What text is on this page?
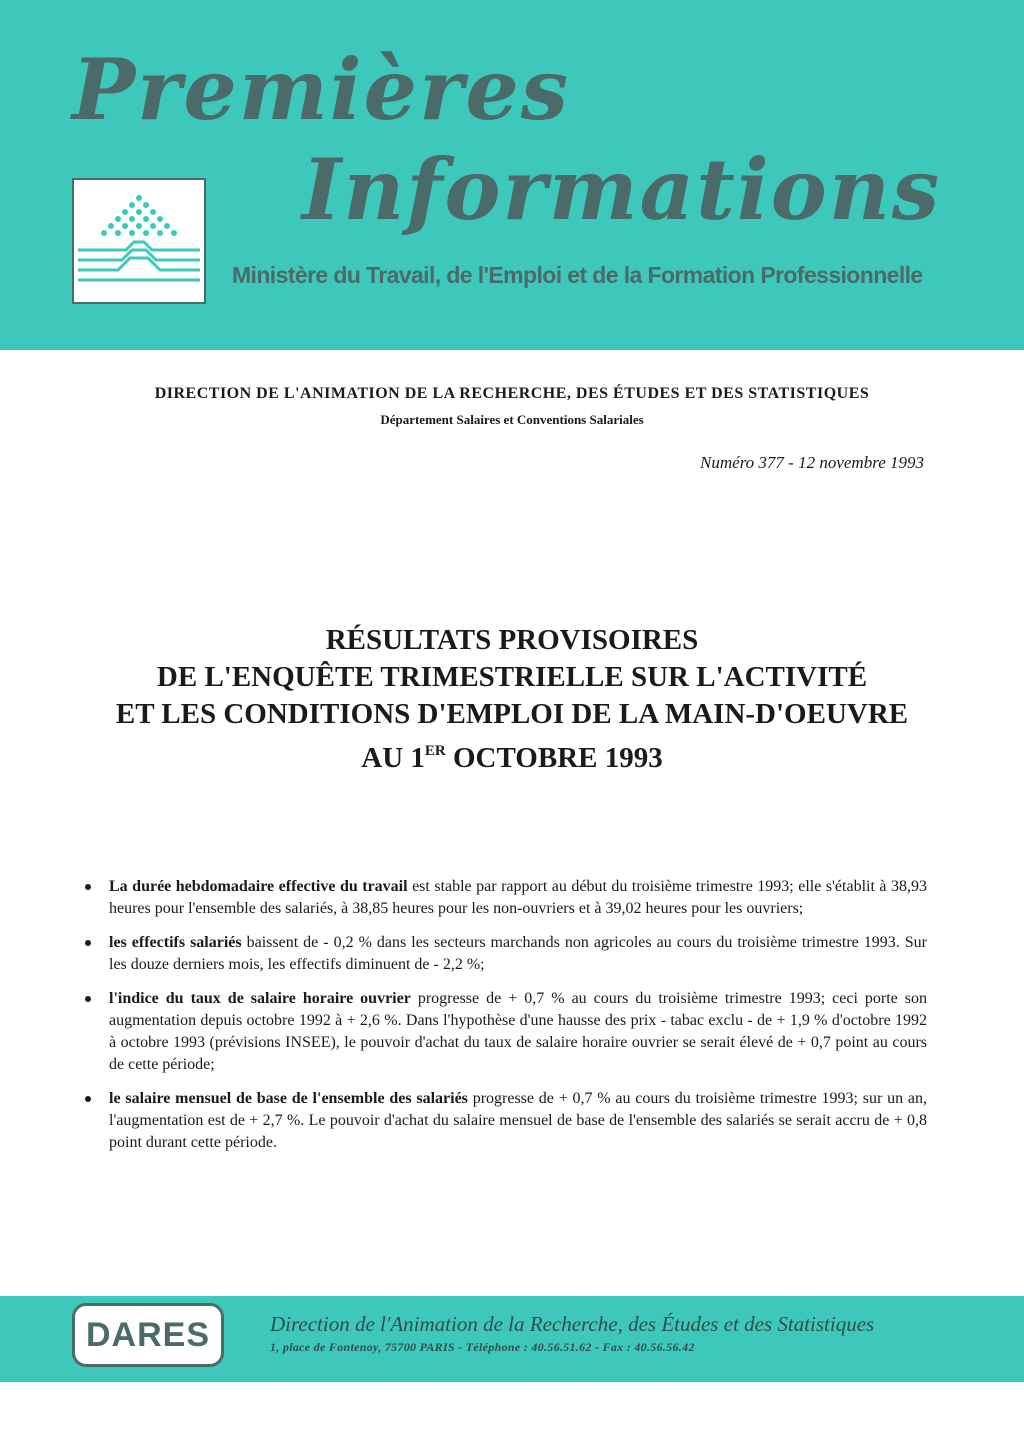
Premières
Informations
Ministère du Travail, de l'Emploi et de la Formation Professionnelle
DIRECTION DE L'ANIMATION DE LA RECHERCHE, DES ÉTUDES ET DES STATISTIQUES
Département Salaires et Conventions Salariales
Numéro 377 - 12 novembre 1993
RÉSULTATS PROVISOIRES
DE L'ENQUÊTE TRIMESTRIELLE SUR L'ACTIVITÉ
ET LES CONDITIONS D'EMPLOI DE LA MAIN-D'OEUVRE
AU 1ER OCTOBRE 1993
La durée hebdomadaire effective du travail est stable par rapport au début du troisième trimestre 1993; elle s'établit à 38,93 heures pour l'ensemble des salariés, à 38,85 heures pour les non-ouvriers et à 39,02 heures pour les ouvriers;
les effectifs salariés baissent de - 0,2 % dans les secteurs marchands non agricoles au cours du troisième trimestre 1993. Sur les douze derniers mois, les effectifs diminuent de - 2,2 %;
l'indice du taux de salaire horaire ouvrier progresse de + 0,7 % au cours du troisième trimestre 1993; ceci porte son augmentation depuis octobre 1992 à + 2,6 %. Dans l'hypothèse d'une hausse des prix - tabac exclu - de + 1,9 % d'octobre 1992 à octobre 1993 (prévisions INSEE), le pouvoir d'achat du taux de salaire horaire ouvrier se serait élevé de + 0,7 point au cours de cette période;
le salaire mensuel de base de l'ensemble des salariés progresse de + 0,7 % au cours du troisième trimestre 1993; sur un an, l'augmentation est de + 2,7 %. Le pouvoir d'achat du salaire mensuel de base de l'ensemble des salariés se serait accru de + 0,8 point durant cette période.
DARES	Direction de l'Animation de la Recherche, des Études et des Statistiques
1, place de Fontenoy, 75700 PARIS - Téléphone : 40.56.51.62 - Fax : 40.56.56.42
